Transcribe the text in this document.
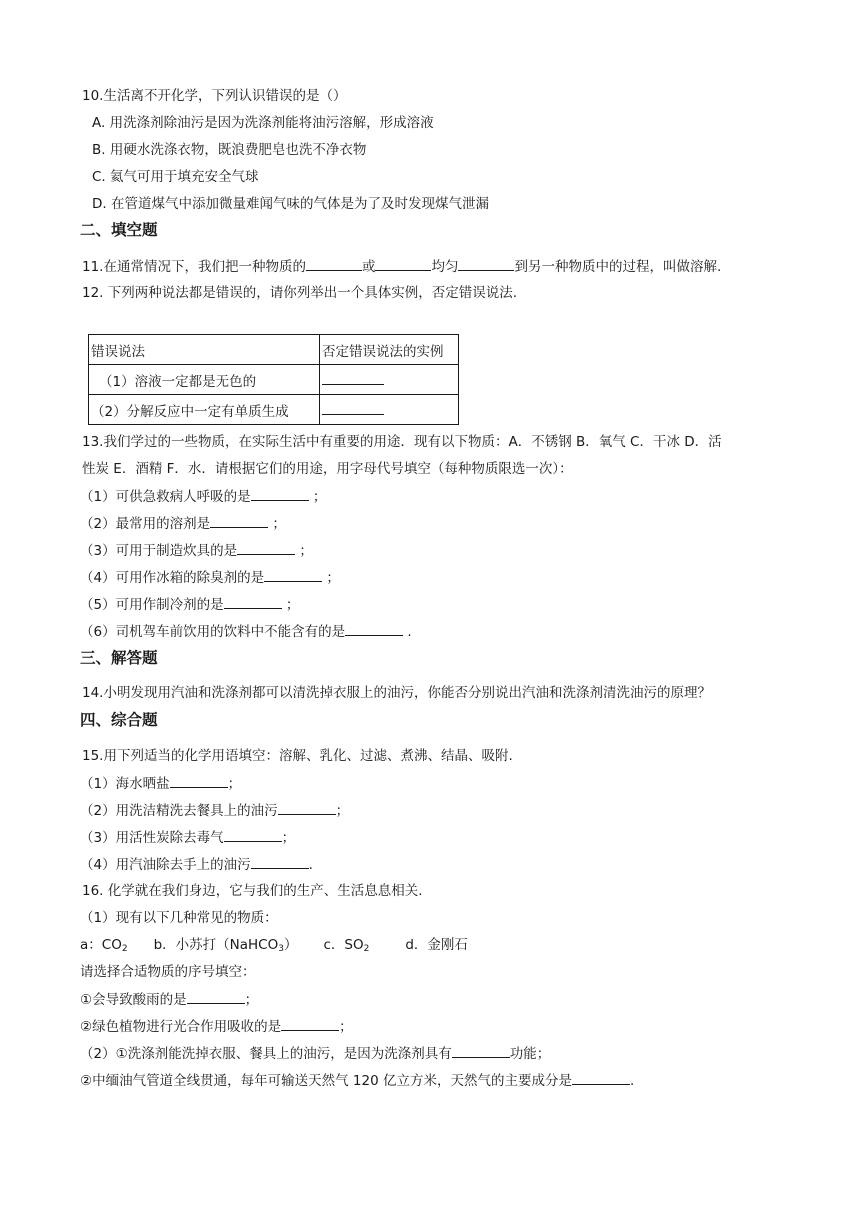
10.生活离不开化学，下列认识错误的是（）
A. 用洗涤剂除油污是因为洗涤剂能将油污溶解，形成溶液
B. 用硬水洗涤衣物，既浪费肥皂也洗不净衣物
C. 氦气可用于填充安全气球
D. 在管道煤气中添加微量难闻气味的气体是为了及时发现煤气泄漏
二、填空题
11.在通常情况下，我们把一种物质的	或	均匀	到另一种物质中的过程，叫做溶解.
12. 下列两种说法都是错误的，请你列举出一个具体实例，否定错误说法.
错误说法	否定错误说法的实例
（1）溶液一定都是无色的	
（2）分解反应中一定有单质生成	
13.我们学过的一些物质，在实际生活中有重要的用途．现有以下物质：A．不锈钢 B．氧气 C．干冰 D．活
性炭 E．酒精 F．水．请根据它们的用途，用字母代号填空（每种物质限选一次）：
（1）可供急救病人呼吸的是	；
（2）最常用的溶剂是	；
（3）可用于制造炊具的是	；
（4）可用作冰箱的除臭剂的是	；
（5）可用作制冷剂的是	；
（6）司机驾车前饮用的饮料中不能含有的是	.
三、解答题
14.小明发现用汽油和洗涤剂都可以清洗掉衣服上的油污，你能否分别说出汽油和洗涤剂清洗油污的原理？
四、综合题
15.用下列适当的化学用语填空：溶解、乳化、过滤、煮沸、结晶、吸附.
（1）海水晒盐	；
（2）用洗洁精洗去餐具上的油污	；
（3）用活性炭除去毒气	；
（4）用汽油除去手上的油污	.
16. 化学就在我们身边，它与我们的生产、生活息息相关.
（1）现有以下几种常见的物质：
a：$CO_2$ b．小苏打（NaHCO$_3$） c．$SO_2$	d．金刚石
请选择合适物质的序号填空：
①会导致酸雨的是	；
②绿色植物进行光合作用吸收的是	；
（2）①洗涤剂能洗掉衣服、餐具上的油污，是因为洗涤剂具有	功能；
②中缅油气管道全线贯通，每年可输送天然气 120 亿立方米，天然气的主要成分是	.
